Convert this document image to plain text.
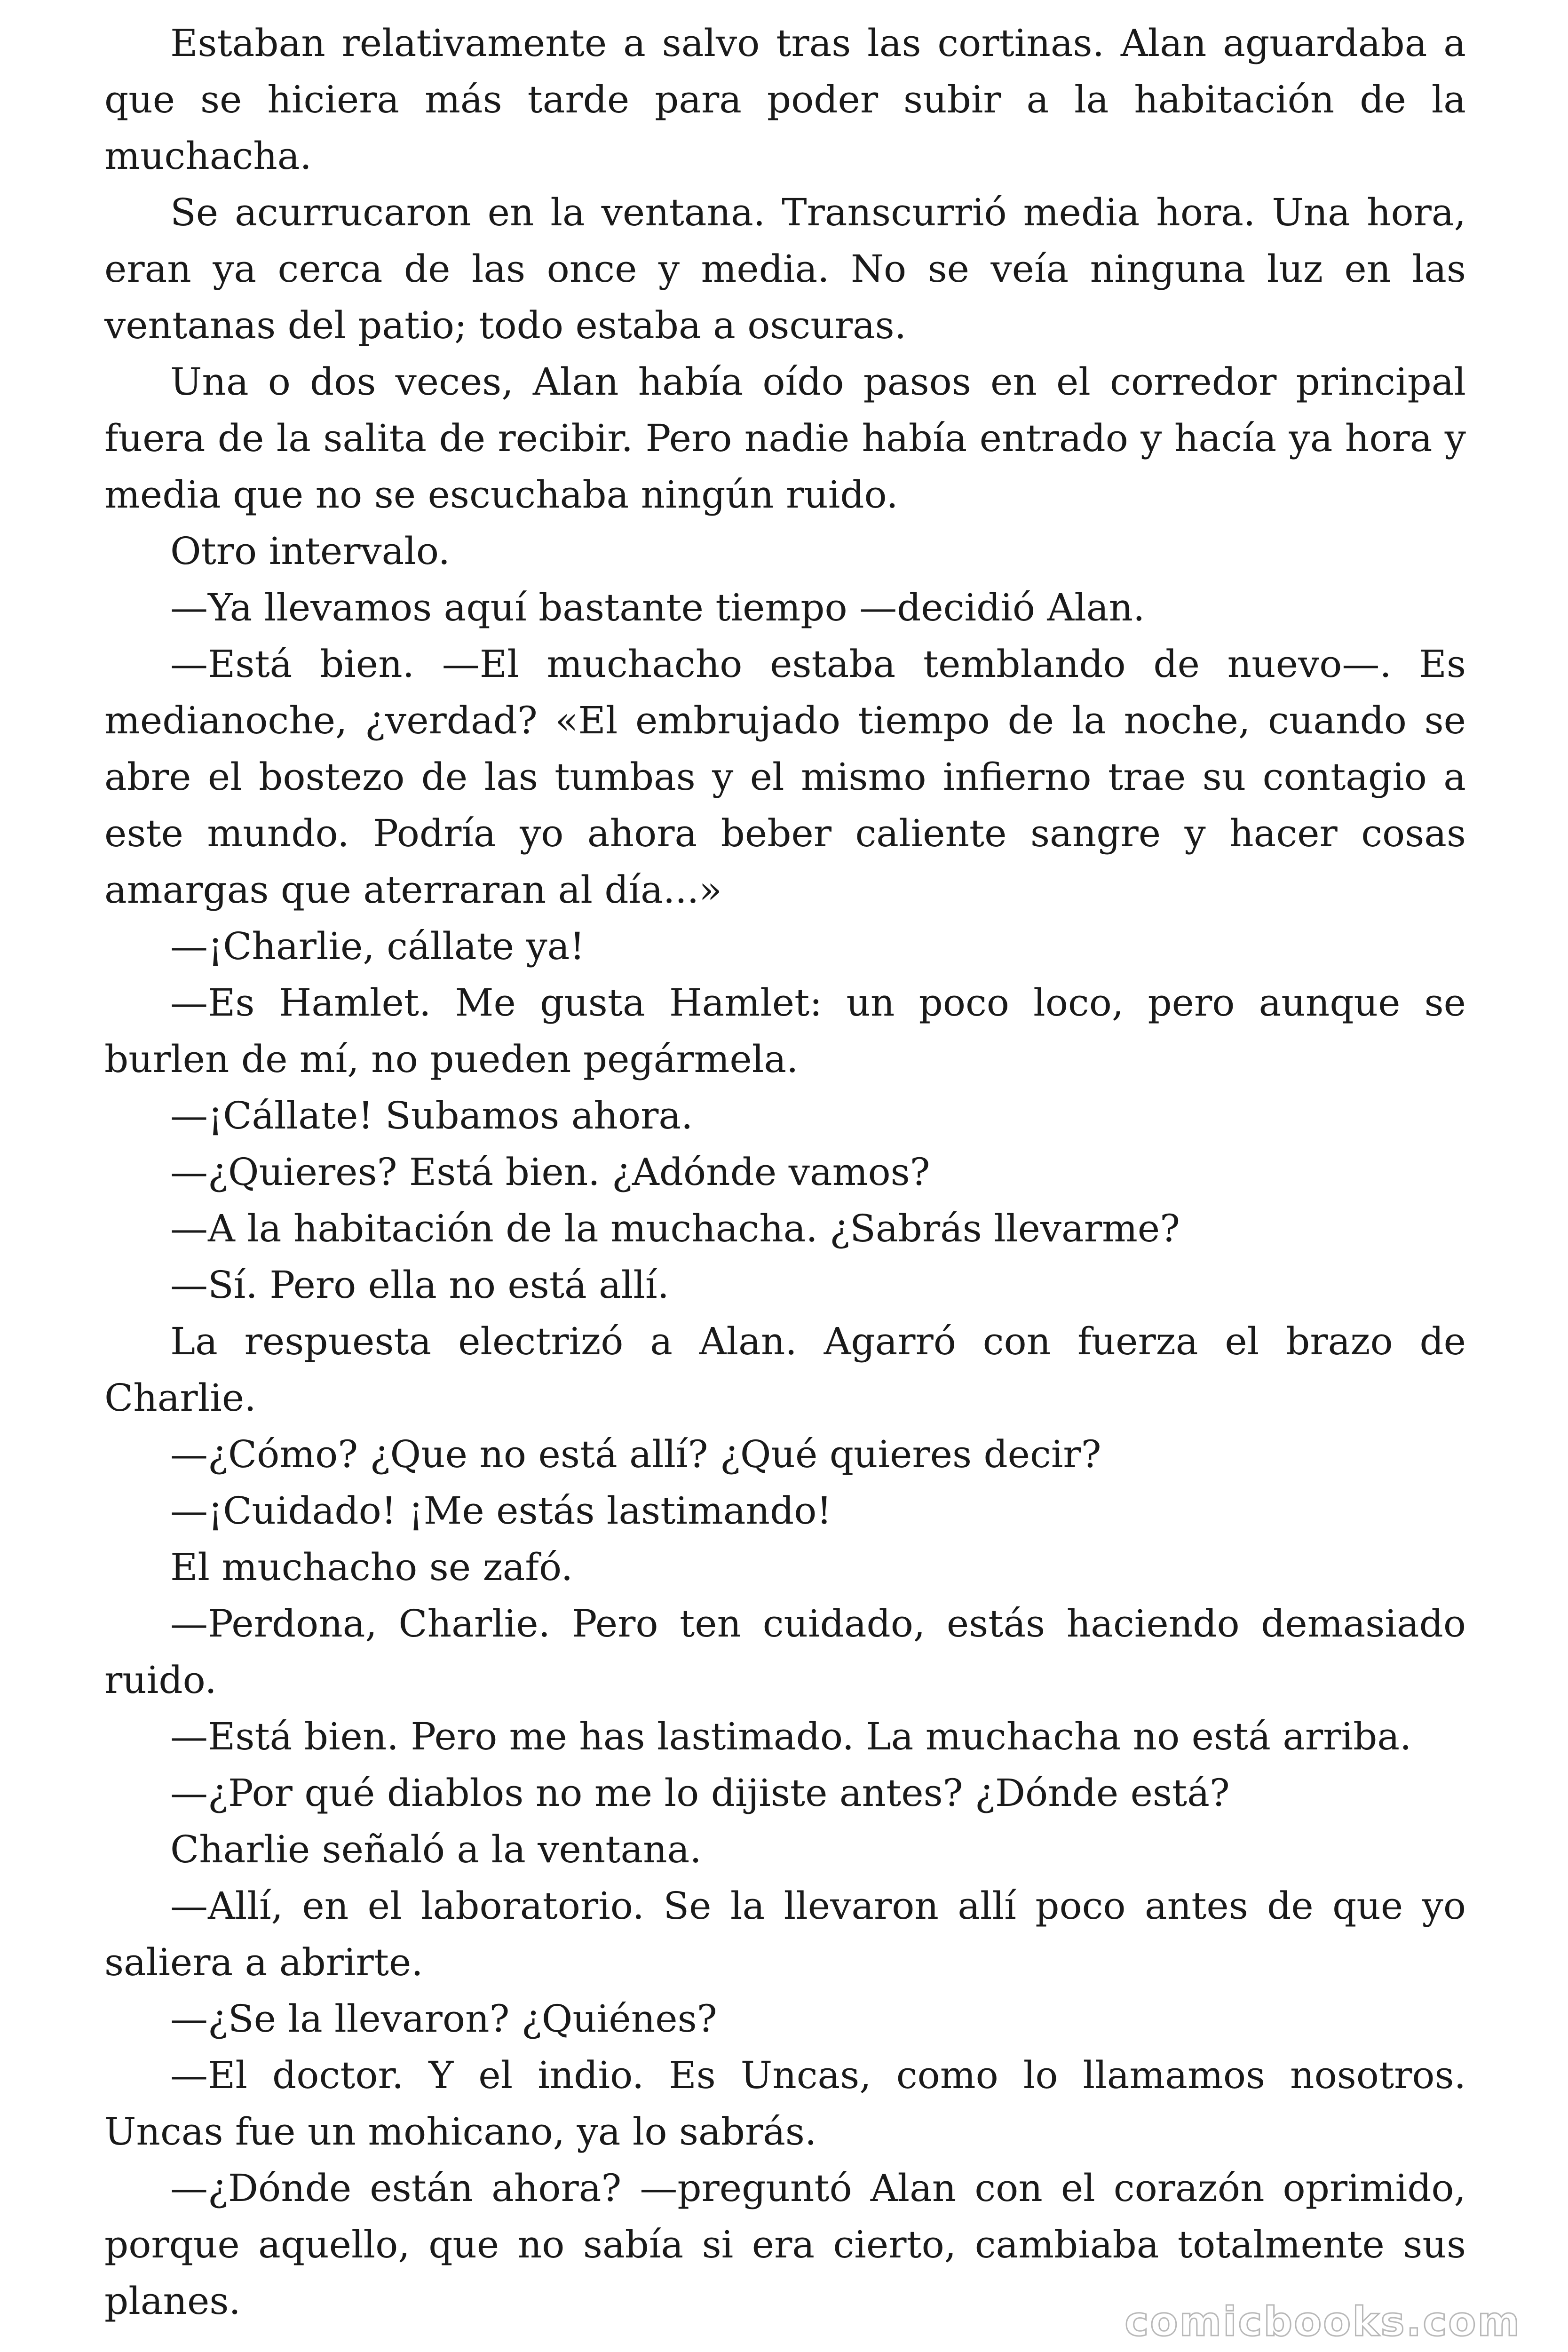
Estaban relativamente a salvo tras las cortinas. Alan aguardaba a que se hiciera más tarde para poder subir a la habitación de la muchacha.

Se acurrucaron en la ventana. Transcurrió media hora. Una hora, eran ya cerca de las once y media. No se veía ninguna luz en las ventanas del patio; todo estaba a oscuras.

Una o dos veces, Alan había oído pasos en el corredor principal fuera de la salita de recibir. Pero nadie había entrado y hacía ya hora y media que no se escuchaba ningún ruido.

Otro intervalo.

—Ya llevamos aquí bastante tiempo —decidió Alan.

—Está bien. —El muchacho estaba temblando de nuevo—. Es medianoche, ¿verdad? «El embrujado tiempo de la noche, cuando se abre el bostezo de las tumbas y el mismo infierno trae su contagio a este mundo. Podría yo ahora beber caliente sangre y hacer cosas amargas que aterraran al día...»

—¡Charlie, cállate ya!

—Es Hamlet. Me gusta Hamlet: un poco loco, pero aunque se burlen de mí, no pueden pegármela.

—¡Cállate! Subamos ahora.

—¿Quieres? Está bien. ¿Adónde vamos?

—A la habitación de la muchacha. ¿Sabrás llevarme?

—Sí. Pero ella no está allí.

La respuesta electrizó a Alan. Agarró con fuerza el brazo de Charlie.

—¿Cómo? ¿Que no está allí? ¿Qué quieres decir?

—¡Cuidado! ¡Me estás lastimando!

El muchacho se zafó.

—Perdona, Charlie. Pero ten cuidado, estás haciendo demasiado ruido.

—Está bien. Pero me has lastimado. La muchacha no está arriba.

—¿Por qué diablos no me lo dijiste antes? ¿Dónde está?

Charlie señaló a la ventana.

—Allí, en el laboratorio. Se la llevaron allí poco antes de que yo saliera a abrirte.

—¿Se la llevaron? ¿Quiénes?

—El doctor. Y el indio. Es Uncas, como lo llamamos nosotros. Uncas fue un mohicano, ya lo sabrás.

—¿Dónde están ahora? —preguntó Alan con el corazón oprimido, porque aquello, que no sabía si era cierto, cambiaba totalmente sus planes.	comicbooks.com
